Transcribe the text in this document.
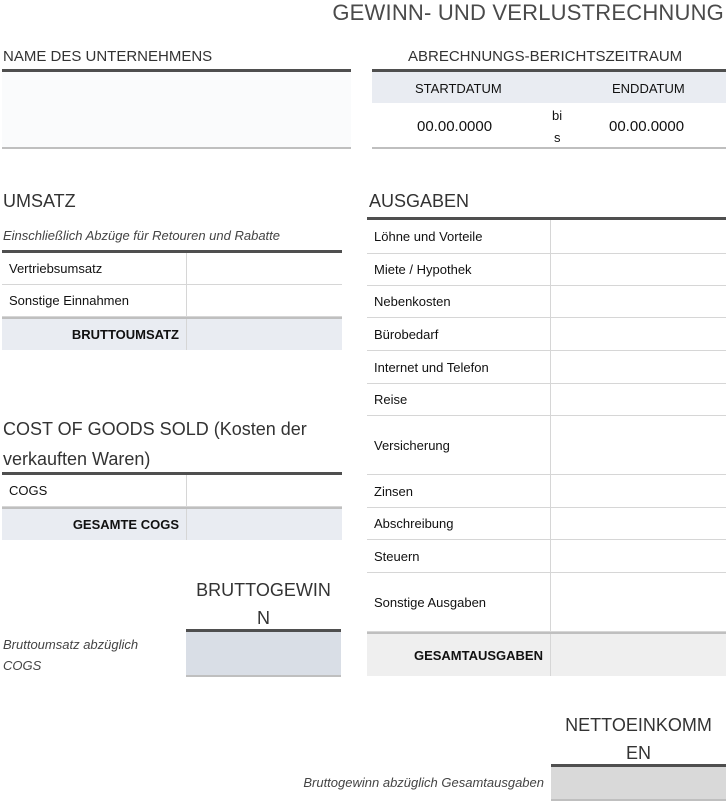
GEWINN- UND VERLUSTRECHNUNG
NAME DES UNTERNEHMENS	ABRECHNUNGS-BERICHTSZEITRAUM
STARTDATUM	ENDDATUM
00.00.0000
bi
s
00.00.0000
UMSATZ
Einschließlich Abzüge für Retouren und Rabatte
Vertriebsumsatz
Sonstige Einnahmen
BRUTTOUMSATZ
COST OF GOODS SOLD (Kosten der
verkauften Waren)
COGS
GESAMTE COGS
BRUTTOGEWIN
N
Bruttoumsatz abzüglich
COGS
AUSGABEN
Löhne und Vorteile
Miete / Hypothek
Nebenkosten
Bürobedarf
Internet und Telefon
Reise
Versicherung
Zinsen
Abschreibung
Steuern
Sonstige Ausgaben
GESAMTAUSGABEN
NETTOEINKOMM
EN
Bruttogewinn abzüglich Gesamtausgaben
